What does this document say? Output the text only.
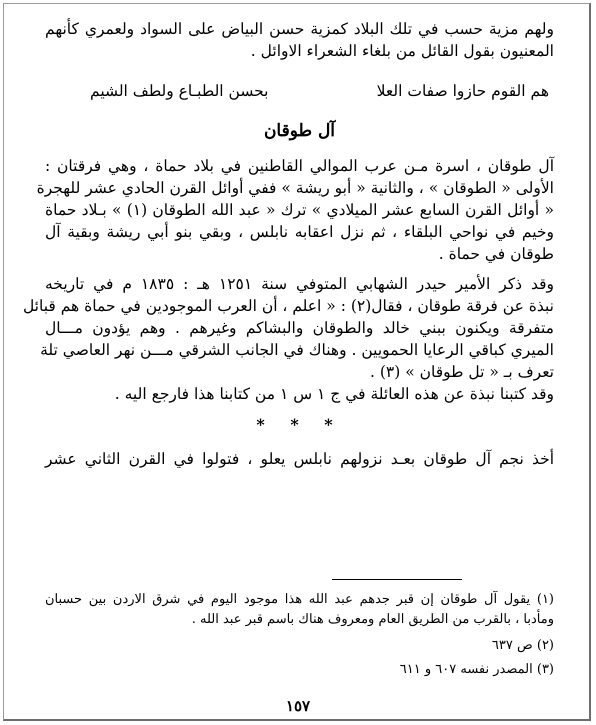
ولهم مزية حسب في تلك البلاد كمزية حسن البياض على السواد ولعمري كأنهم
المعنيون بقول القائل من بلغاء الشعراء الاوائل .
هم القوم حازوا صفات العلا
بحسن الطبـاع ولطف الشيم
آل طوقان
آل طوقان ، اسرة مـن عرب الموالي القاطنين في بلاد حماة ، وهي فرقتان :
الأولى « الطوقان » ، والثانية « أبو ريشة » ففي أوائل القرن الحادي عشر للهجرة
« أوائل القرن السابع عشر الميلادي » ترك « عبد الله الطوقان (١) » بـلاد حماة
وخيم في نواحي البلقاء ، ثم نزل اعقابه نابلس ، وبقي بنو أبي ريشة وبقية آل
طوقان في حماة .
وقد ذكر الأمير حيدر الشهابي المتوفي سنة ١٢٥١ هـ : ١٨٣٥ م في تاريخه
نبذة عن فرقة طوقان ، فقال(٢) : « اعلم ، أن العرب الموجودين في حماة هم قبائل
متفرقة ويكنون ببني خالد والطوقان والبشاكم وغيرهم . وهم يؤدون مـــال
الميري كباقي الرعايا الحمويين . وهناك في الجانب الشرقي مـــن نهر العاصي تلة
تعرف بـ « تل طوقان » (٣) .
وقد كتبنا نبذة عن هذه العائلة في ج ١ س ١ من كتابنا هذا فارجع اليه .
* * *
أخذ نجم آل طوقان بعـد نزولهم نابلس يعلو ، فتولوا في القرن الثاني عشر
(١) يقول آل طوقان إن قبر جدهم عبد الله هذا موجود اليوم في شرق الاردن بين حسبان
ومأدبا ، بالقرب من الطريق العام ومعروف هناك باسم قبر عبد الله .
(٢) ص ٦٣٧
(٣) المصدر نفسه ٦٠٧ و ٦١١
١٥٧
